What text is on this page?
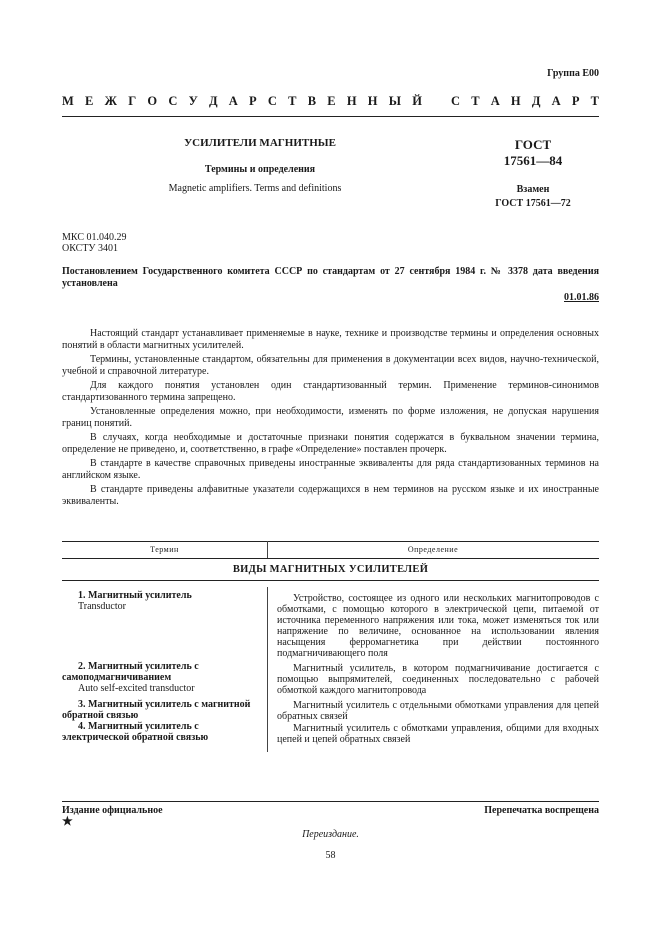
Группа Е00
М Е Ж Г О С У Д А Р С Т В Е Н Н Ы Й С Т А Н Д А Р Т
УСИЛИТЕЛИ МАГНИТНЫЕ
Термины и определения
Magnetic amplifiers. Terms and definitions
ГОСТ
17561—84
Взамен
ГОСТ 17561—72
МКС 01.040.29
ОКСТУ 3401
Постановлением Государственного комитета СССР по стандартам от 27 сентября 1984 г. № 3378 дата введения установлена
01.01.86

Настоящий стандарт устанавливает применяемые в науке, технике и производстве термины и определения основных понятий в области магнитных усилителей.

Термины, установленные стандартом, обязательны для применения в документации всех видов, научно-технической, учебной и справочной литературе.

Для каждого понятия установлен один стандартизованный термин. Применение терминов-синонимов стандартизованного термина запрещено.

Установленные определения можно, при необходимости, изменять по форме изложения, не допуская нарушения границ понятий.

В случаях, когда необходимые и достаточные признаки понятия содержатся в буквальном значении термина, определение не приведено, и, соответственно, в графе «Определение» поставлен прочерк.

В стандарте в качестве справочных приведены иностранные эквиваленты для ряда стандартизованных терминов на английском языке.

В стандарте приведены алфавитные указатели содержащихся в нем терминов на русском языке и их иностранные эквиваленты.

Термин	Определение
ВИДЫ МАГНИТНЫХ УСИЛИТЕЛЕЙ
1. Магнитный усилитель
Transductor
2. Магнитный усилитель с самоподмагничиванием
Auto self-excited transductor
3. Магнитный усилитель с магнитной обратной связью
4. Магнитный усилитель с электрической обратной связью
Устройство, состоящее из одного или нескольких магнитопроводов с обмотками, с помощью которого в электрической цепи, питаемой от источника переменного напряжения или тока, может изменяться ток или напряжение по величине, основанное на использовании явления насыщения ферромагнетика при действии постоянного подмагничивающего поля
Магнитный усилитель, в котором подмагничивание достигается с помощью выпрямителей, соединенных последовательно с рабочей обмоткой каждого магнитопровода
Магнитный усилитель с отдельными обмотками управления для цепей обратных связей
Магнитный усилитель с обмотками управления, общими для входных цепей и цепей обратных связей
Издание официальное
★
Перепечатка воспрещена
Переиздание.
58
